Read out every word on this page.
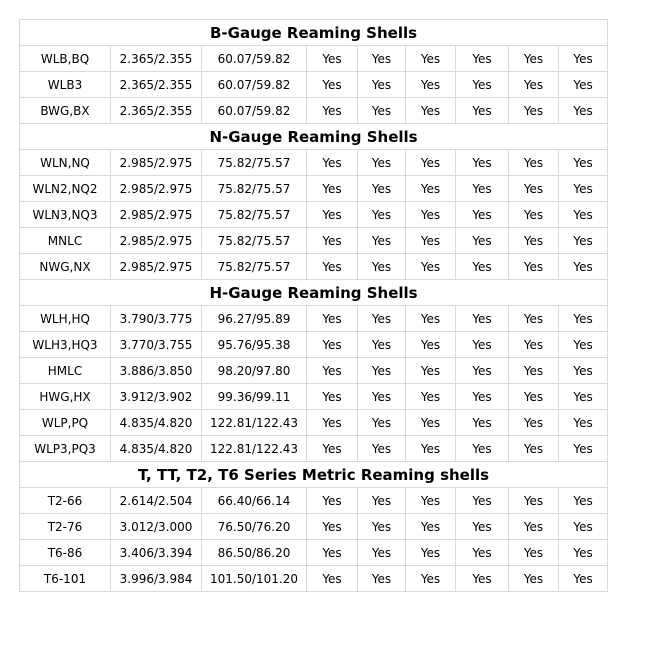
B-Gauge Reaming Shells								
WLB,BQ	2.365/2.355	60.07/59.82	Yes	Yes	Yes	Yes	Yes	Yes
WLB3	2.365/2.355	60.07/59.82	Yes	Yes	Yes	Yes	Yes	Yes
BWG,BX	2.365/2.355	60.07/59.82	Yes	Yes	Yes	Yes	Yes	Yes
N-Gauge Reaming Shells								
WLN,NQ	2.985/2.975	75.82/75.57	Yes	Yes	Yes	Yes	Yes	Yes
WLN2,NQ2	2.985/2.975	75.82/75.57	Yes	Yes	Yes	Yes	Yes	Yes
WLN3,NQ3	2.985/2.975	75.82/75.57	Yes	Yes	Yes	Yes	Yes	Yes
MNLC	2.985/2.975	75.82/75.57	Yes	Yes	Yes	Yes	Yes	Yes
NWG,NX	2.985/2.975	75.82/75.57	Yes	Yes	Yes	Yes	Yes	Yes
H-Gauge Reaming Shells								
WLH,HQ	3.790/3.775	96.27/95.89	Yes	Yes	Yes	Yes	Yes	Yes
WLH3,HQ3	3.770/3.755	95.76/95.38	Yes	Yes	Yes	Yes	Yes	Yes
HMLC	3.886/3.850	98.20/97.80	Yes	Yes	Yes	Yes	Yes	Yes
HWG,HX	3.912/3.902	99.36/99.11	Yes	Yes	Yes	Yes	Yes	Yes
WLP,PQ	4.835/4.820	122.81/122.43	Yes	Yes	Yes	Yes	Yes	Yes
WLP3,PQ3	4.835/4.820	122.81/122.43	Yes	Yes	Yes	Yes	Yes	Yes
T, TT, T2, T6 Series Metric Reaming shells								
T2-66	2.614/2.504	66.40/66.14	Yes	Yes	Yes	Yes	Yes	Yes
T2-76	3.012/3.000	76.50/76.20	Yes	Yes	Yes	Yes	Yes	Yes
T6-86	3.406/3.394	86.50/86.20	Yes	Yes	Yes	Yes	Yes	Yes
T6-101	3.996/3.984	101.50/101.20	Yes	Yes	Yes	Yes	Yes	Yes
